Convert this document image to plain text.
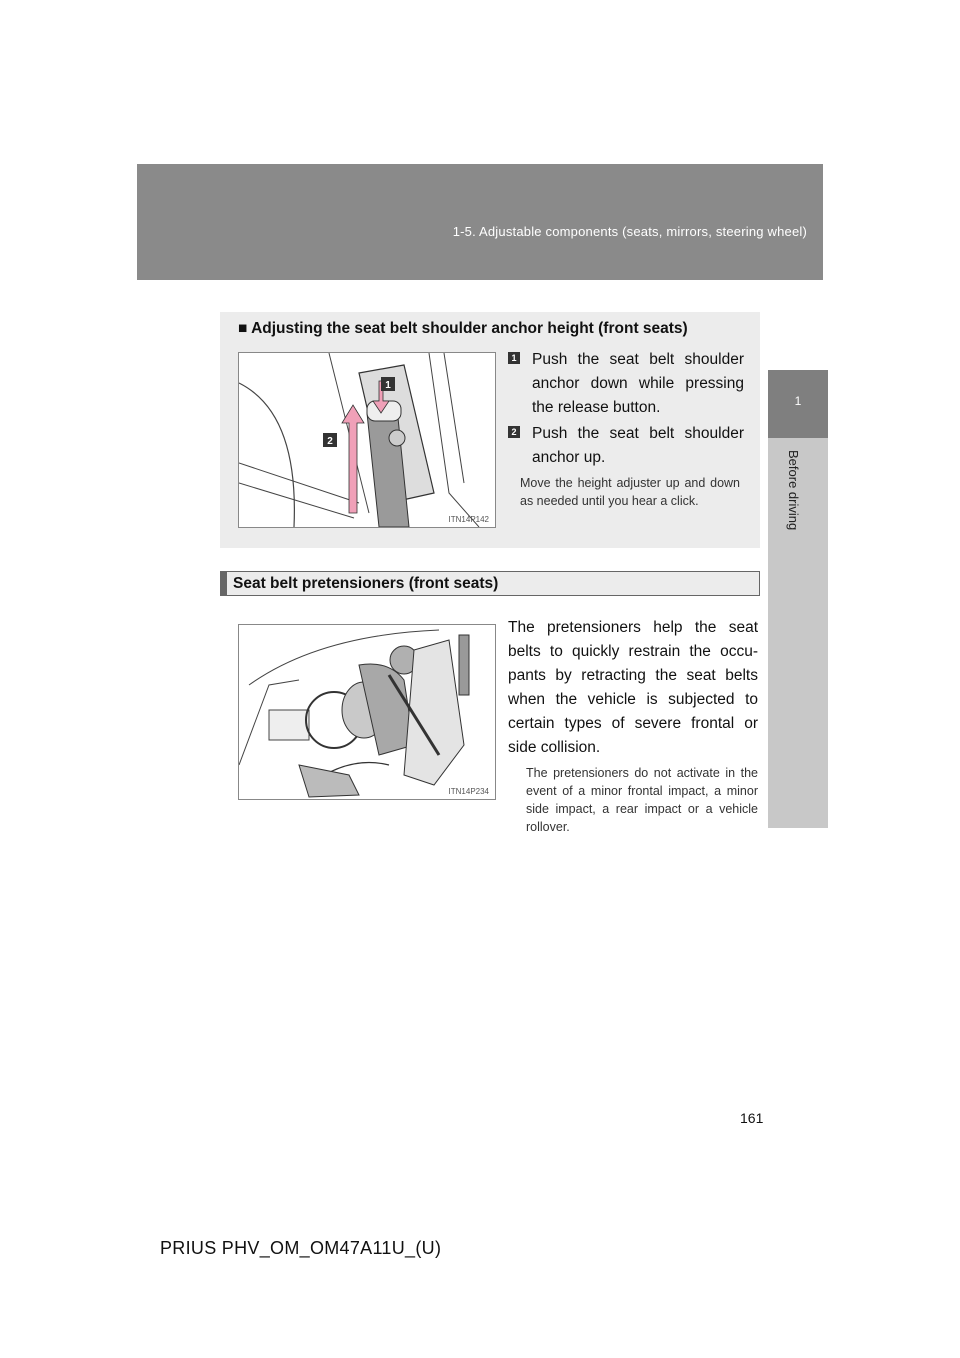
1-5. Adjustable components (seats, mirrors, steering wheel)
1
Before driving
■ Adjusting the seat belt shoulder anchor height (front seats)
1
2
ITN14P142
1 Push the seat belt shoulder anchor down while pressing the release button.
2 Push the seat belt shoulder anchor up.
Move the height adjuster up and down as needed until you hear a click.
Seat belt pretensioners (front seats)
ITN14P234
The pretensioners help the seat belts to quickly restrain the occu-pants by retracting the seat belts when the vehicle is subjected to certain types of severe frontal or side collision.
The pretensioners do not activate in the event of a minor frontal impact, a minor side impact, a rear impact or a vehicle rollover.
161
PRIUS PHV_OM_OM47A11U_(U)
